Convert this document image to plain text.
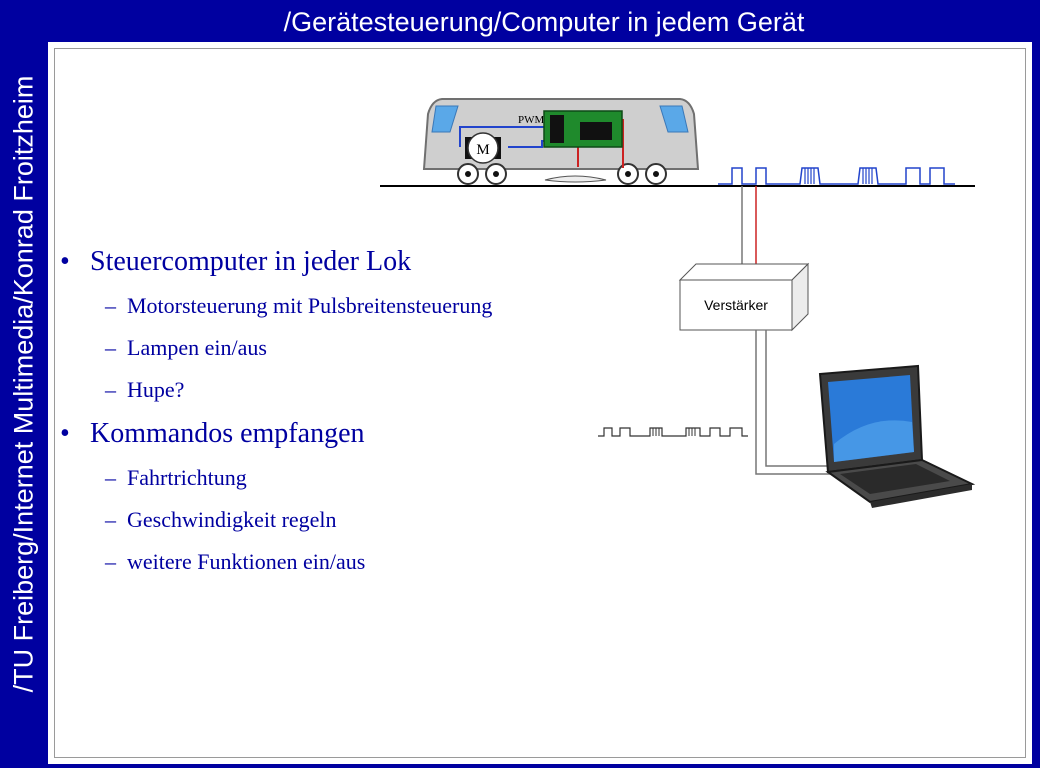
/TU Freiberg/Internet Multimedia/Konrad Froitzheim
/Gerätesteuerung/Computer in jedem Gerät
• Steuercomputer in jeder Lok
– Motorsteuerung mit Pulsbreitensteuerung
– Lampen ein/aus
– Hupe?
• Kommandos empfangen
– Fahrtrichtung
– Geschwindigkeit regeln
– weitere Funktionen ein/aus
PWM
M
Verstärker
